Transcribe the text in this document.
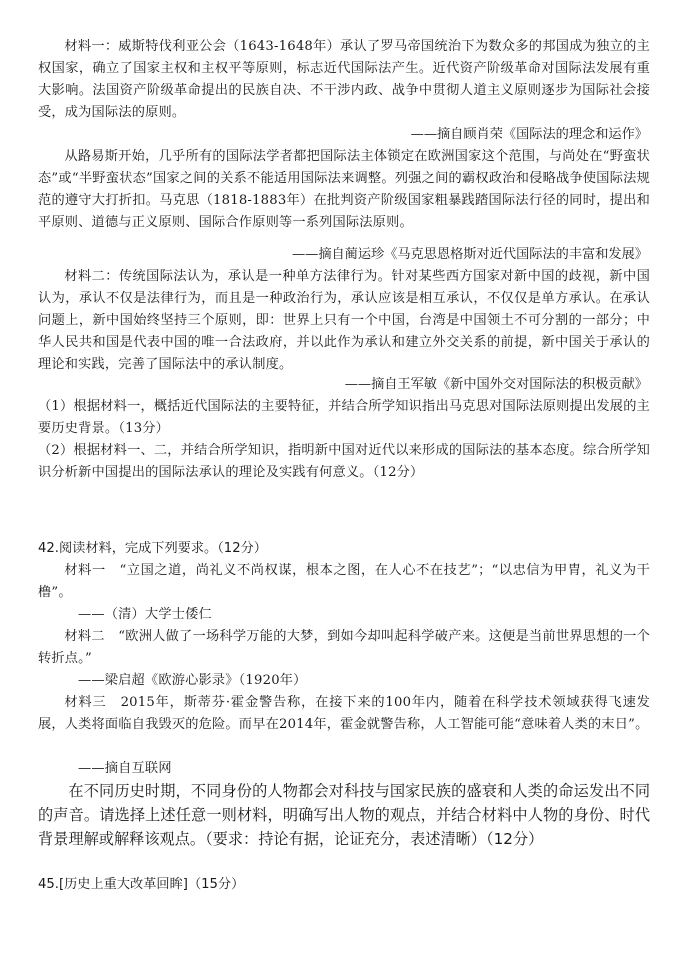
材料一：威斯特伐利亚公会（1643-1648年）承认了罗马帝国统治下为数众多的邦国成为独立的主权国家，确立了国家主权和主权平等原则，标志近代国际法产生。近代资产阶级革命对国际法发展有重大影响。法国资产阶级革命提出的民族自决、不干涉内政、战争中贯彻人道主义原则逐步为国际社会接受，成为国际法的原则。
——摘自顾肖荣《国际法的理念和运作》
从路易斯开始，几乎所有的国际法学者都把国际法主体锁定在欧洲国家这个范围，与尚处在“野蛮状态”或“半野蛮状态”国家之间的关系不能适用国际法来调整。列强之间的霸权政治和侵略战争使国际法规范的遵守大打折扣。马克思（1818-1883年）在批判资产阶级国家粗暴践踏国际法行径的同时，提出和平原则、道德与正义原则、国际合作原则等一系列国际法原则。
——摘自蔺运珍《马克思恩格斯对近代国际法的丰富和发展》
材料二：传统国际法认为，承认是一种单方法律行为。针对某些西方国家对新中国的歧视，新中国认为，承认不仅是法律行为，而且是一种政治行为，承认应该是相互承认，不仅仅是单方承认。在承认问题上，新中国始终坚持三个原则，即：世界上只有一个中国，台湾是中国领土不可分割的一部分；中华人民共和国是代表中国的唯一合法政府，并以此作为承认和建立外交关系的前提，新中国关于承认的理论和实践，完善了国际法中的承认制度。
——摘自王军敏《新中国外交对国际法的积极贡献》
（1）根据材料一，概括近代国际法的主要特征，并结合所学知识指出马克思对国际法原则提出发展的主要历史背景。（13分）
（2）根据材料一、二，并结合所学知识，指明新中国对近代以来形成的国际法的基本态度。综合所学知识分析新中国提出的国际法承认的理论及实践有何意义。（12分）
42.阅读材料，完成下列要求。（12分）
材料一　“立国之道，尚礼义不尚权谋，根本之图，在人心不在技艺”；“以忠信为甲胄，礼义为干橹”。
——（清）大学士倭仁
材料二　“欧洲人做了一场科学万能的大梦，到如今却叫起科学破产来。这便是当前世界思想的一个转折点。”
——梁启超《欧游心影录》（1920年）
材料三　2015年，斯蒂芬·霍金警告称，在接下来的100年内，随着在科学技术领域获得飞速发展，人类将面临自我毁灭的危险。而早在2014年，霍金就警告称，人工智能可能“意味着人类的末日”。
——摘自互联网
在不同历史时期，不同身份的人物都会对科技与国家民族的盛衰和人类的命运发出不同的声音。请选择上述任意一则材料，明确写出人物的观点，并结合材料中人物的身份、时代背景理解或解释该观点。（要求：持论有据，论证充分，表述清晰）（12分）
45.[历史上重大改革回眸]（15分）
